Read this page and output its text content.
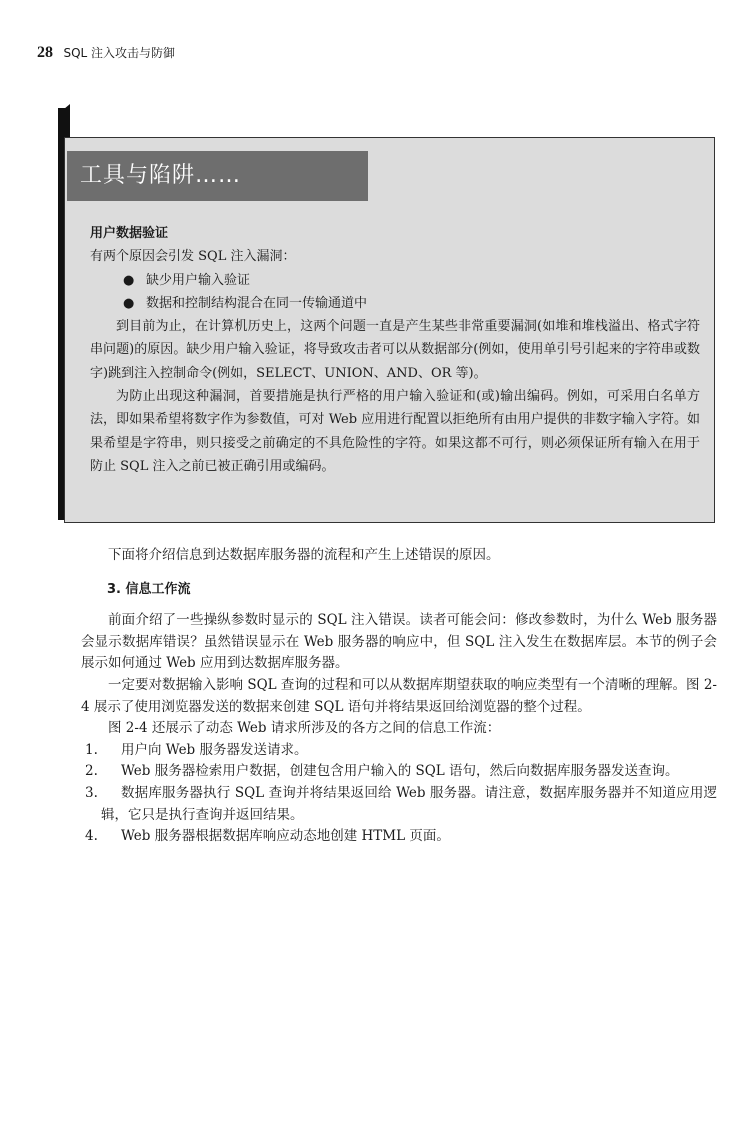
28 SQL 注入攻击与防御
工具与陷阱……

用户数据验证

有两个原因会引发 SQL 注入漏洞：

● 缺少用户输入验证

● 数据和控制结构混合在同一传输通道中

到目前为止，在计算机历史上，这两个问题一直是产生某些非常重要漏洞(如堆和堆栈溢出、格式字符串问题)的原因。缺少用户输入验证，将导致攻击者可以从数据部分(例如，使用单引号引起来的字符串或数字)跳到注入控制命令(例如，SELECT、UNION、AND、OR 等)。

为防止出现这种漏洞，首要措施是执行严格的用户输入验证和(或)输出编码。例如，可采用白名单方法，即如果希望将数字作为参数值，可对 Web 应用进行配置以拒绝所有由用户提供的非数字输入字符。如果希望是字符串，则只接受之前确定的不具危险性的字符。如果这都不可行，则必须保证所有输入在用于防止 SQL 注入之前已被正确引用或编码。

下面将介绍信息到达数据库服务器的流程和产生上述错误的原因。

3. 信息工作流

前面介绍了一些操纵参数时显示的 SQL 注入错误。读者可能会问：修改参数时，为什么 Web 服务器会显示数据库错误？虽然错误显示在 Web 服务器的响应中，但 SQL 注入发生在数据库层。本节的例子会展示如何通过 Web 应用到达数据库服务器。

一定要对数据输入影响 SQL 查询的过程和可以从数据库期望获取的响应类型有一个清晰的理解。图 2-4 展示了使用浏览器发送的数据来创建 SQL 语句并将结果返回给浏览器的整个过程。

图 2-4 还展示了动态 Web 请求所涉及的各方之间的信息工作流：

1. 用户向 Web 服务器发送请求。

2. Web 服务器检索用户数据，创建包含用户输入的 SQL 语句，然后向数据库服务器发送查询。

3. 数据库服务器执行 SQL 查询并将结果返回给 Web 服务器。请注意，数据库服务器并不知道应用逻辑，它只是执行查询并返回结果。

4. Web 服务器根据数据库响应动态地创建 HTML 页面。
